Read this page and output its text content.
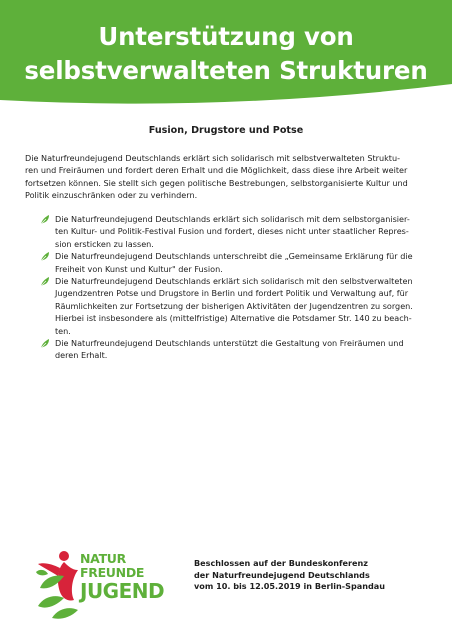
Unterstützung von
selbstverwalteten Strukturen
Fusion, Drugstore und Potse

Die Naturfreundejugend Deutschlands erklärt sich solidarisch mit selbstverwalteten Struktu-
ren und Freiräumen und fordert deren Erhalt und die Möglichkeit, dass diese ihre Arbeit weiter
fortsetzen können. Sie stellt sich gegen politische Bestrebungen, selbstorganisierte Kultur und
Politik einzuschränken oder zu verhindern.

Die Naturfreundejugend Deutschlands erklärt sich solidarisch mit dem selbstorganisier-
ten Kultur- und Politik-Festival Fusion und fordert, dieses nicht unter staatlicher Repres-
sion ersticken zu lassen.
Die Naturfreundejugend Deutschlands unterschreibt die „Gemeinsame Erklärung für die
Freiheit von Kunst und Kultur" der Fusion.
Die Naturfreundejugend Deutschlands erklärt sich solidarisch mit den selbstverwalteten
Jugendzentren Potse und Drugstore in Berlin und fordert Politik und Verwaltung auf, für
Räumlichkeiten zur Fortsetzung der bisherigen Aktivitäten der Jugendzentren zu sorgen.
Hierbei ist insbesondere als (mittelfristige) Alternative die Potsdamer Str. 140 zu beach-
ten.
Die Naturfreundejugend Deutschlands unterstützt die Gestaltung von Freiräumen und
deren Erhalt.
NATUR
FREUNDE
JUGEND
Beschlossen auf der Bundeskonferenz
der Naturfreundejugend Deutschlands
vom 10. bis 12.05.2019 in Berlin-Spandau
